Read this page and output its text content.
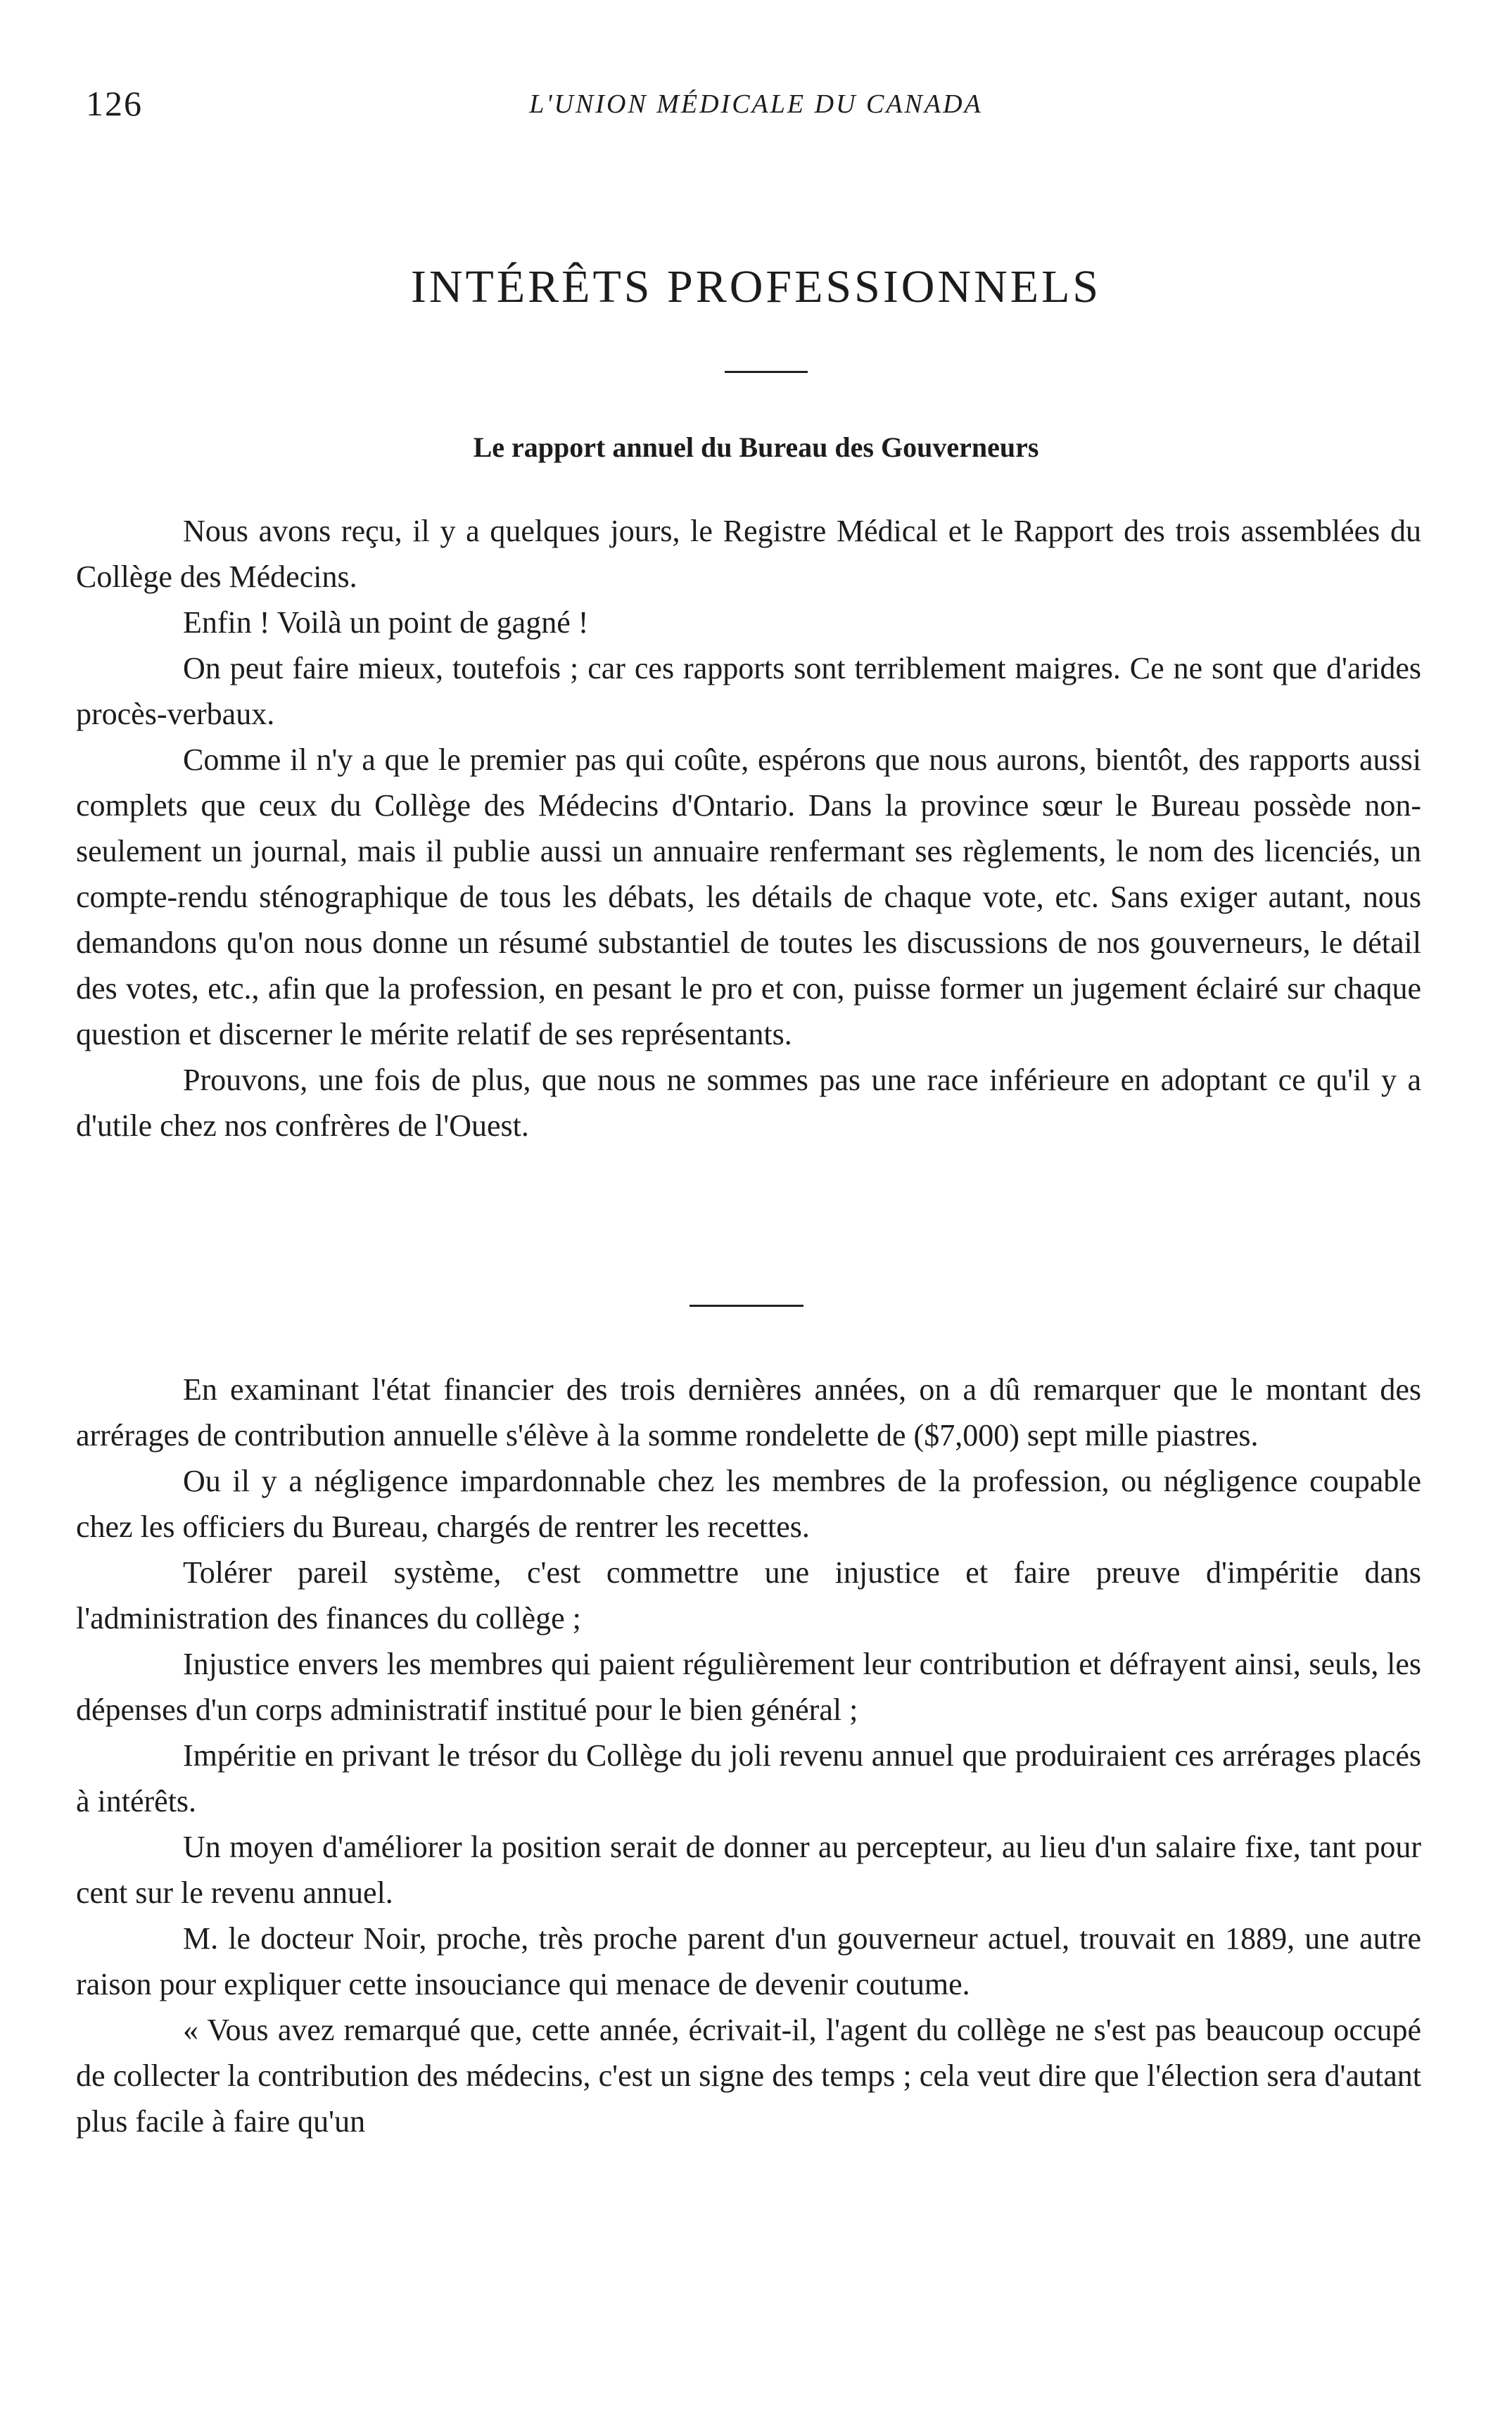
126	L'UNION MÉDICALE DU CANADA
INTÉRÊTS PROFESSIONNELS
Le rapport annuel du Bureau des Gouverneurs

Nous avons reçu, il y a quelques jours, le Registre Médical et le Rapport des trois assemblées du Collège des Médecins.

Enfin ! Voilà un point de gagné !

On peut faire mieux, toutefois ; car ces rapports sont terriblement maigres. Ce ne sont que d'arides procès-verbaux.

Comme il n'y a que le premier pas qui coûte, espérons que nous aurons, bientôt, des rapports aussi complets que ceux du Collège des Médecins d'Ontario. Dans la province sœur le Bureau possède non-seulement un journal, mais il publie aussi un annuaire renfermant ses règlements, le nom des licenciés, un compte-rendu sténographique de tous les débats, les détails de chaque vote, etc. Sans exiger autant, nous demandons qu'on nous donne un résumé substantiel de toutes les discussions de nos gouverneurs, le détail des votes, etc., afin que la profession, en pesant le pro et con, puisse former un jugement éclairé sur chaque question et discerner le mérite relatif de ses représentants.

Prouvons, une fois de plus, que nous ne sommes pas une race inférieure en adoptant ce qu'il y a d'utile chez nos confrères de l'Ouest.

En examinant l'état financier des trois dernières années, on a dû remarquer que le montant des arrérages de contribution annuelle s'élève à la somme rondelette de ($7,000) sept mille piastres.

Ou il y a négligence impardonnable chez les membres de la profession, ou négligence coupable chez les officiers du Bureau, chargés de rentrer les recettes.

Tolérer pareil système, c'est commettre une injustice et faire preuve d'impéritie dans l'administration des finances du collège ;

Injustice envers les membres qui paient régulièrement leur contribution et défrayent ainsi, seuls, les dépenses d'un corps administratif institué pour le bien général ;

Impéritie en privant le trésor du Collège du joli revenu annuel que produiraient ces arrérages placés à intérêts.

Un moyen d'améliorer la position serait de donner au percepteur, au lieu d'un salaire fixe, tant pour cent sur le revenu annuel.

M. le docteur Noir, proche, très proche parent d'un gouverneur actuel, trouvait en 1889, une autre raison pour expliquer cette insouciance qui menace de devenir coutume.

« Vous avez remarqué que, cette année, écrivait-il, l'agent du collège ne s'est pas beaucoup occupé de collecter la contribution des médecins, c'est un signe des temps ; cela veut dire que l'élection sera d'autant plus facile à faire qu'un
